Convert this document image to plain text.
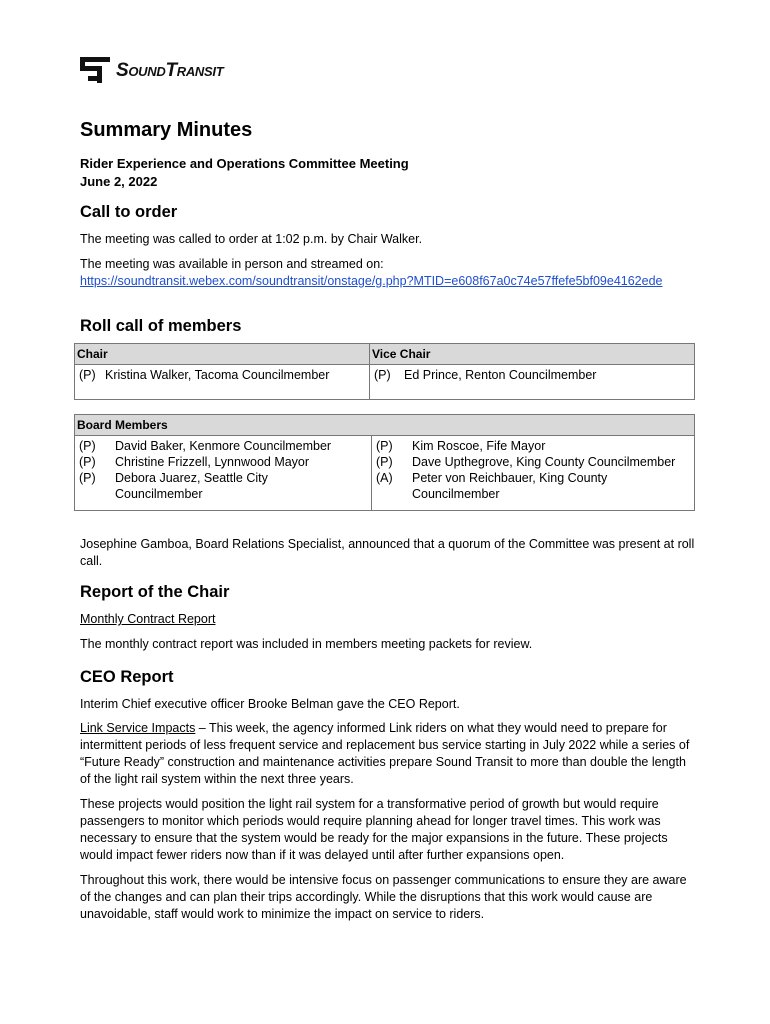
SoundTransit
Summary Minutes
Rider Experience and Operations Committee Meeting
June 2, 2022
Call to order

The meeting was called to order at 1:02 p.m. by Chair Walker.

The meeting was available in person and streamed on:
https://soundtransit.webex.com/soundtransit/onstage/g.php?MTID=e608f67a0c74e57ffefe5bf09e4162ede

Roll call of members
Chair	Vice Chair

(P) Kristina Walker, Tacoma Councilmember	(P) Ed Prince, Renton Councilmember
Board Members

(P)	David Baker, Kenmore Councilmember
(P)	Christine Frizzell, Lynnwood Mayor
(P)	Debora Juarez, Seattle City Councilmember

(P)	Kim Roscoe, Fife Mayor
(P)	Dave Upthegrove, King County Councilmember
(A)	Peter von Reichbauer, King County Councilmember

Josephine Gamboa, Board Relations Specialist, announced that a quorum of the Committee was present at roll call.

Report of the Chair

Monthly Contract Report

The monthly contract report was included in members meeting packets for review.

CEO Report

Interim Chief executive officer Brooke Belman gave the CEO Report.

Link Service Impacts – This week, the agency informed Link riders on what they would need to prepare for intermittent periods of less frequent service and replacement bus service starting in July 2022 while a series of “Future Ready” construction and maintenance activities prepare Sound Transit to more than double the length of the light rail system within the next three years.

These projects would position the light rail system for a transformative period of growth but would require passengers to monitor which periods would require planning ahead for longer travel times. This work was necessary to ensure that the system would be ready for the major expansions in the future. These projects would impact fewer riders now than if it was delayed until after further expansions open.

Throughout this work, there would be intensive focus on passenger communications to ensure they are aware of the changes and can plan their trips accordingly. While the disruptions that this work would cause are unavoidable, staff would work to minimize the impact on service to riders.
